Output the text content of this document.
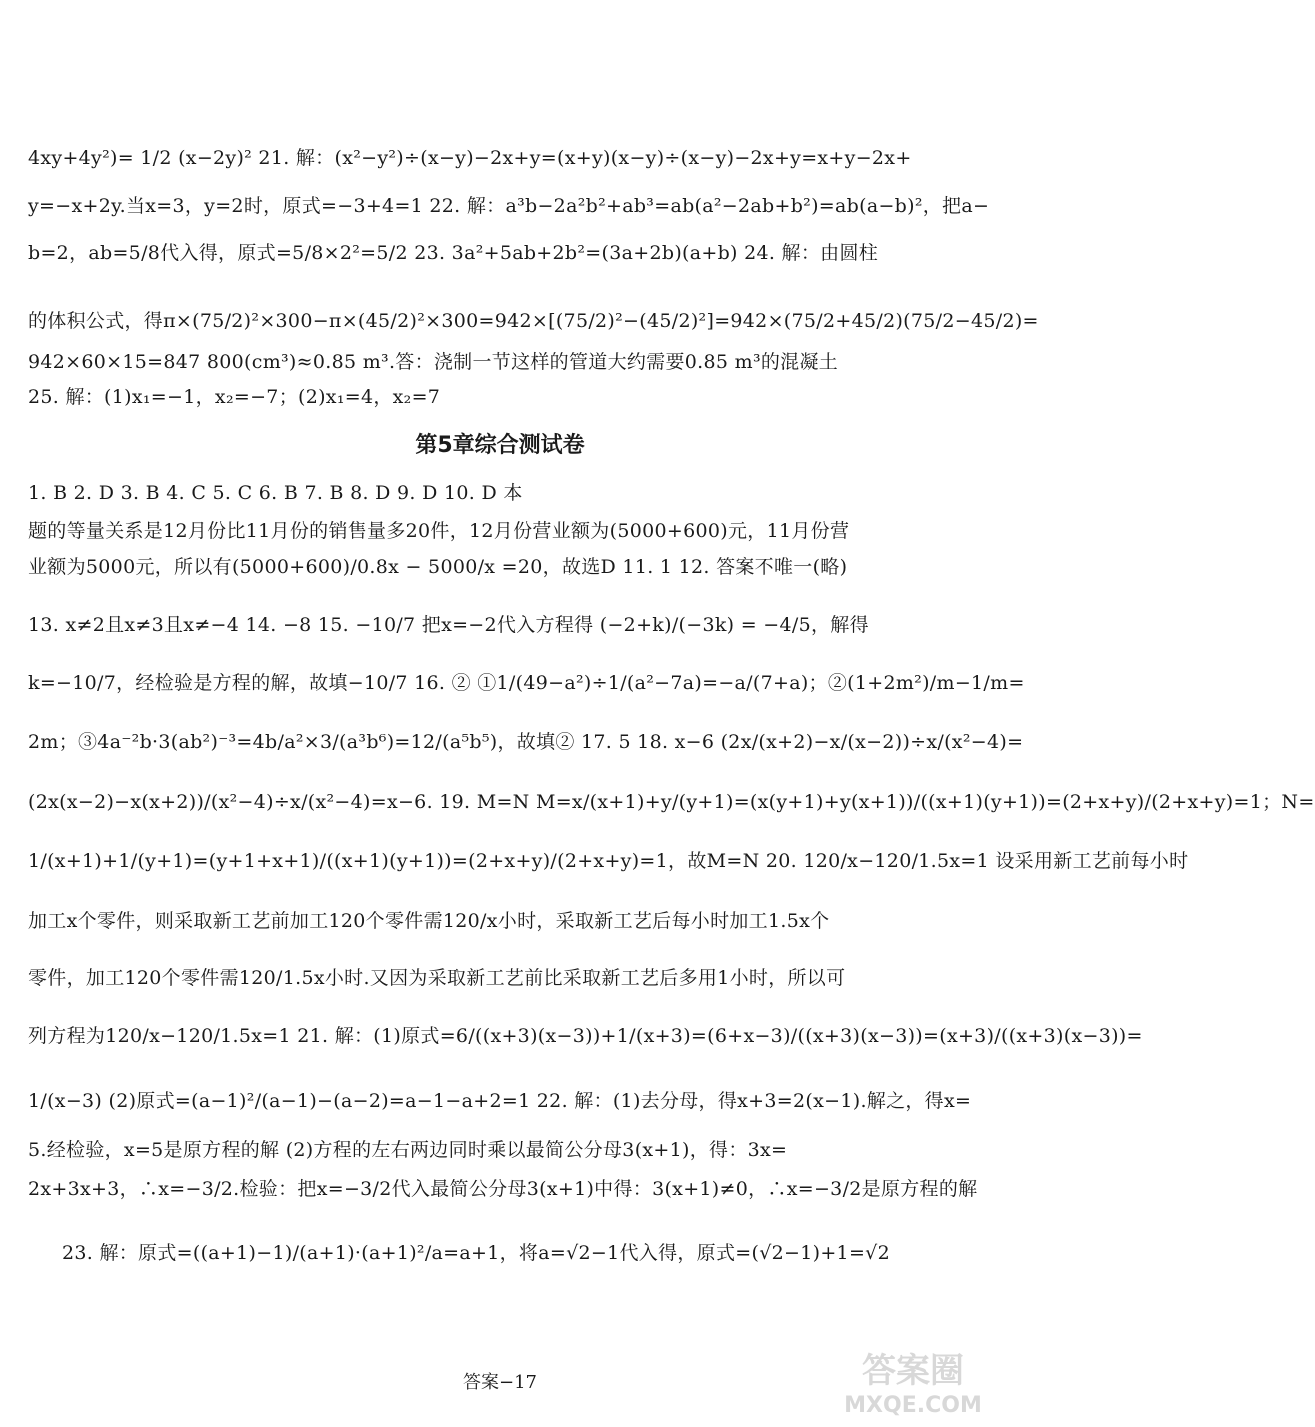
4xy+4y²)= 1/2 (x−2y)² 21. 解：(x²−y²)÷(x−y)−2x+y=(x+y)(x−y)÷(x−y)−2x+y=x+y−2x+
y=−x+2y.当x=3，y=2时，原式=−3+4=1 22. 解：a³b−2a²b²+ab³=ab(a²−2ab+b²)=ab(a−b)²，把a−
b=2，ab=5/8代入得，原式=5/8×2²=5/2 23. 3a²+5ab+2b²=(3a+2b)(a+b) 24. 解：由圆柱
的体积公式，得π×(75/2)²×300−π×(45/2)²×300=942×[(75/2)²−(45/2)²]=942×(75/2+45/2)(75/2−45/2)=
942×60×15=847 800(cm³)≈0.85 m³.答：浇制一节这样的管道大约需要0.85 m³的混凝土
25. 解：(1)x₁=−1，x₂=−7；(2)x₁=4，x₂=7
第5章综合测试卷
1. B 2. D 3. B 4. C 5. C 6. B 7. B 8. D 9. D 10. D 本
题的等量关系是12月份比11月份的销售量多20件，12月份营业额为(5000+600)元，11月份营
业额为5000元，所以有(5000+600)/0.8x − 5000/x =20，故选D 11. 1 12. 答案不唯一(略)
13. x≠2且x≠3且x≠−4 14. −8 15. −10/7 把x=−2代入方程得 (−2+k)/(−3k) = −4/5，解得
k=−10/7，经检验是方程的解，故填−10/7 16. ② ①1/(49−a²)÷1/(a²−7a)=−a/(7+a)；②(1+2m²)/m−1/m=
2m；③4a⁻²b·3(ab²)⁻³=4b/a²×3/(a³b⁶)=12/(a⁵b⁵)，故填② 17. 5 18. x−6 (2x/(x+2)−x/(x−2))÷x/(x²−4)=
(2x(x−2)−x(x+2))/(x²−4)÷x/(x²−4)=x−6. 19. M=N M=x/(x+1)+y/(y+1)=(x(y+1)+y(x+1))/((x+1)(y+1))=(2+x+y)/(2+x+y)=1；N=
1/(x+1)+1/(y+1)=(y+1+x+1)/((x+1)(y+1))=(2+x+y)/(2+x+y)=1，故M=N 20. 120/x−120/1.5x=1 设采用新工艺前每小时
加工x个零件，则采取新工艺前加工120个零件需120/x小时，采取新工艺后每小时加工1.5x个
零件，加工120个零件需120/1.5x小时.又因为采取新工艺前比采取新工艺后多用1小时，所以可
列方程为120/x−120/1.5x=1 21. 解：(1)原式=6/((x+3)(x−3))+1/(x+3)=(6+x−3)/((x+3)(x−3))=(x+3)/((x+3)(x−3))=
1/(x−3) (2)原式=(a−1)²/(a−1)−(a−2)=a−1−a+2=1 22. 解：(1)去分母，得x+3=2(x−1).解之，得x=
5.经检验，x=5是原方程的解 (2)方程的左右两边同时乘以最简公分母3(x+1)，得：3x=
2x+3x+3，∴x=−3/2.检验：把x=−3/2代入最简公分母3(x+1)中得：3(x+1)≠0，∴x=−3/2是原方程的解
23. 解：原式=((a+1)−1)/(a+1)·(a+1)²/a=a+1，将a=√2−1代入得，原式=(√2−1)+1=√2
答案−17	答案圈
MXQE.COM
